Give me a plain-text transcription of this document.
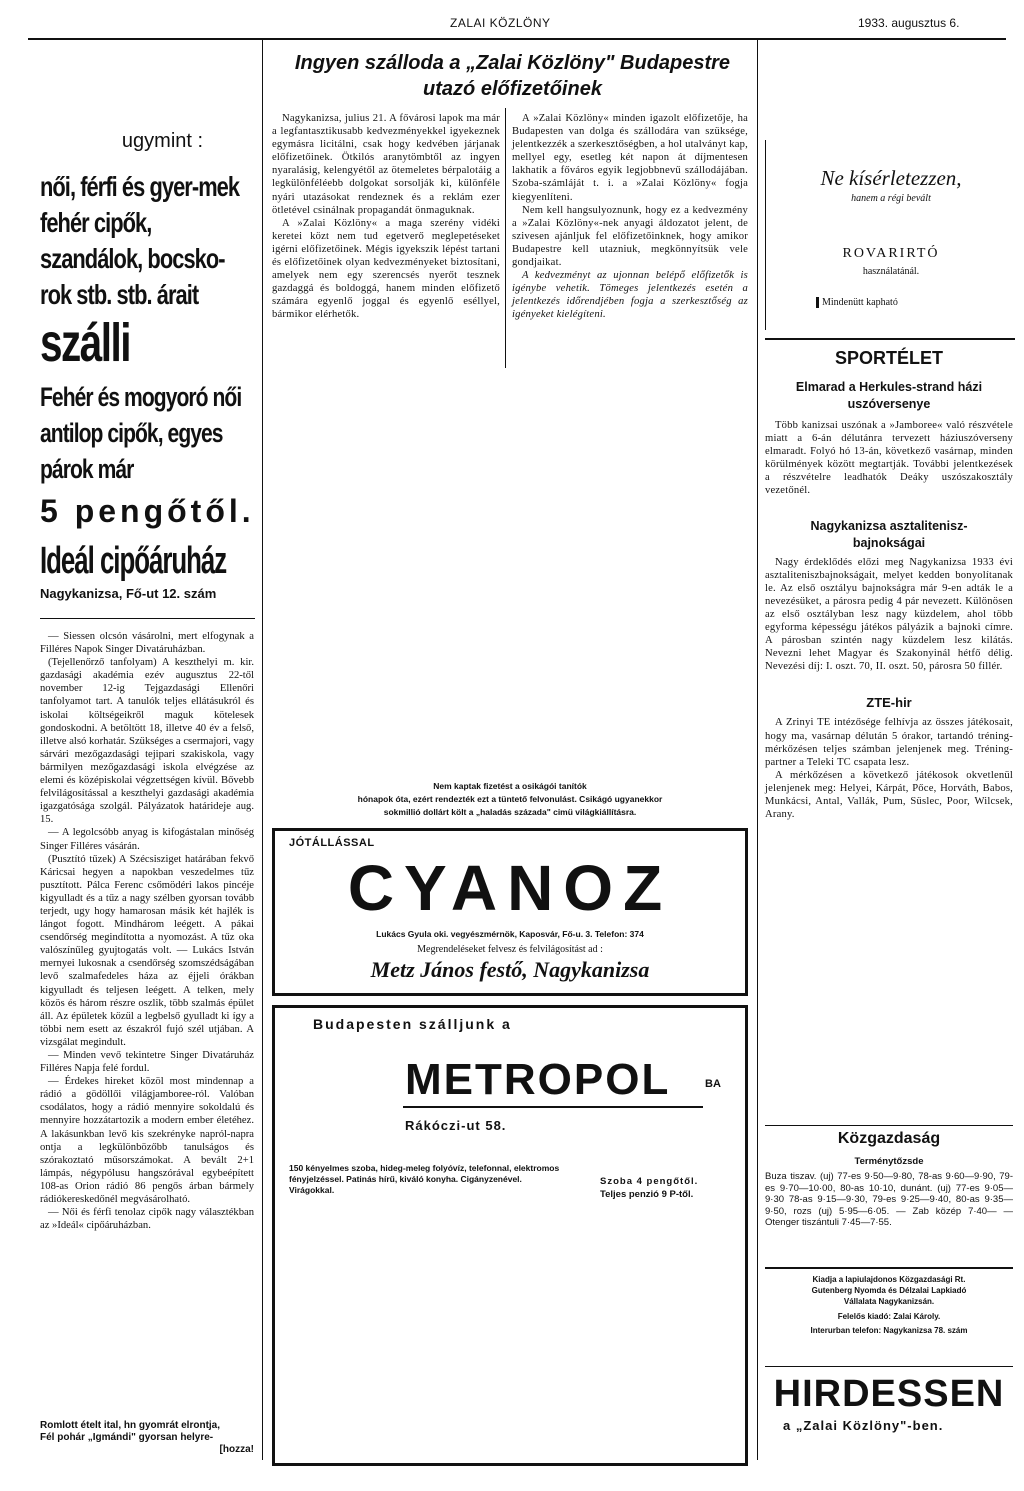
ZALAI KÖZLÖNY	1933. augusztus 6.
ugymint :
női, férfi és gyer-mek fehér cipők, szandálok, bocsko-rok stb. stb. árait
szálli
Fehér és mogyoró női antilop cipők, egyes párok már
5 pengőtől.
Ideál cipőáruház
Nagykanizsa, Fő-ut 12. szám

— Siessen olcsón vásárolni, mert elfogynak a Filléres Napok Singer Divatáruházban.

(Tejellenőrző tanfolyam) A keszthelyi m. kir. gazdasági akadémia ezév augusztus 22-től november 12-ig Tejgazdasági Ellenőri tanfolyamot tart. A tanulók teljes ellátásukról és iskolai költségeikről maguk kötelesek gondoskodni. A betöltött 18, illetve 40 év a felső, illetve alsó korhatár. Szükséges a csermajori, vagy sárvári mezőgazdasági tejipari szakiskola, vagy bármilyen mezőgazdasági iskola elvégzése az elemi és középiskolai végzettségen kívül. Bővebb felvilágosítással a keszthelyi gazdasági akadémia igazgatósága szolgál. Pályázatok határideje aug. 15.

— A legolcsóbb anyag is kifogástalan minőség Singer Filléres vásárán.

(Pusztító tűzek) A Szécsisziget határában fekvő Káricsai hegyen a napokban veszedelmes tűz pusztított. Pálca Ferenc csőmödéri lakos pincéje kigyulladt és a tűz a nagy szélben gyorsan tovább terjedt, ugy hogy hamarosan másik két hajlék is lángot fogott. Mindhárom leégett. A pákai csendőrség megindította a nyomozást. A tűz oka valószínűleg gyujtogatás volt. — Lukács István mernyei lukosnak a csendőrség szomszédságában levő szalmafedeles háza az éjjeli órákban kigyulladt és teljesen leégett. A telken, mely közös és három részre oszlik, több szalmás épület áll. Az épületek közül a legbelső gyulladt ki így a többi nem esett az északról fujó szél utjában. A vizsgálat megindult.

— Minden vevő tekintetre Singer Divatáruház Filléres Napja felé fordul.

— Érdekes hireket közöl most mindennap a rádió a gödöllői világjamboree-ról. Valóban csodálatos, hogy a rádió mennyire sokoldalú és mennyire hozzátartozik a modern ember életéhez. A lakásunkban levő kis szekrényke napról-napra ontja a legkülönbözőbb tanulságos és szórakoztató műsorszámokat. A bevált 2+1 lámpás, négypólusu hangszórával egybeépített 108-as Orion rádió 86 pengős árban bármely rádiókereskedőnél megvásárolható.

— Női és férfi tenolaz cipők nagy választékban az »Ideál« cipőáruházban.

Romlott ételt ital, hn gyomrát elrontja,
Fél pohár „Igmándi" gyorsan helyre-
[hozza!
Ingyen szálloda a „Zalai Közlöny" Budapestre utazó előfizetőinek

Nagykanizsa, julius 21. A fővárosi lapok ma már a legfantasztikusabb kedvezményekkel igyekeznek egymásra licitálni, csak hogy kedvében járjanak előfizetőinek. Ötkilós aranytömbtől az ingyen nyaralásig, kelengyétől az ötemeletes bérpalotáig a legkülönféléebb dolgokat sorsolják ki, különféle nyári utazásokat rendeznek és a reklám ezer ötletével csinálnak propagandát önmaguknak.

A »Zalai Közlöny« a maga szerény vidéki keretei közt nem tud egetverő meglepetéseket igérni előfizetőinek. Mégis igyekszik lépést tartani és előfizetőinek olyan kedvezményeket biztosítani, amelyek nem egy szerencsés nyerőt tesznek gazdaggá és boldoggá, hanem minden előfizető számára egyenlő joggal és egyenlő eséllyel, bármikor elérhetők.

A »Zalai Közlöny« minden igazolt előfizetője, ha Budapesten van dolga és szállodára van szüksége, jelentkezzék a szerkesztőségben, a hol utalványt kap, mellyel egy, esetleg két napon át díjmentesen lakhatik a főváros egyik legjobbnevű szállodájában. Szoba-számláját t. i. a »Zalai Közlöny« fogja kiegyenlíteni.

Nem kell hangsulyoznunk, hogy ez a kedvezmény a »Zalai Közlöny«-nek anyagi áldozatot jelent, de szivesen ajánljuk fel előfizetőinknek, hogy amikor Budapestre kell utazniuk, megkönnyítsük vele gondjaikat.

A kedvezményt az ujonnan belépő előfizetők is igénybe vehetik. Tömeges jelentkezés esetén a jelentkezés időrendjében fogja a szerkesztőség az igényeket kielégíteni.

Nem kaptak fizetést a osikágói tanítók
hónapok óta, ezért rendezték ezt a tüntető felvonulást. Csikágó ugyanekkor
sokmillió dollárt költ a „haladás százada" cimü világkiállításra.
JÓTÁLLÁSSAL
CYANOZ
Lukács Gyula oki. vegyészmérnök, Kaposvár, Fő-u. 3. Telefon: 374
Megrendeléseket felvesz és felvilágosítást ad :
Metz János festő, Nagykanizsa
Budapesten szálljunk a
METROPOL	BA
Rákóczi-ut 58.
150 kényelmes szoba, hideg-meleg folyóvíz, telefonnal, elektromos fényjelzéssel. Patinás hírű, kiváló konyha. Cigányzenével. Virágokkal.
Szoba 4 pengőtől.
Teljes penzió 9 P-től.
Ne kísérletezzen,
hanem a régi bevált
ROVARIRTÓ
használatánál.
Mindenütt kapható
SPORTÉLET
Elmarad a Herkules-strand házi uszóversenye

Több kanizsai uszónak a »Jamboree« való részvétele miatt a 6-án délutánra tervezett háziuszóverseny elmaradt. Folyó hó 13-án, következő vasárnap, minden körülmények között megtartják. További jelentkezések a részvételre leadhatók Deáky uszószakosztály vezetőnél.

Nagykanizsa asztalitenisz-bajnokságai

Nagy érdeklődés előzi meg Nagykanizsa 1933 évi asztaliteniszbajnokságait, melyet kedden bonyolítanak le. Az első osztályu bajnokságra már 9-en adták le a nevezésüket, a párosra pedig 4 pár nevezett. Különösen az első osztályban lesz nagy küzdelem, ahol több egyforma képességu játékos pályázik a bajnoki címre. A párosban szintén nagy küzdelem lesz kilátás. Nevezni lehet Magyar és Szakonyinál hétfő délig. Nevezési díj: I. oszt. 70, II. oszt. 50, párosra 50 fillér.

ZTE-hir

A Zrinyi TE intézősége felhívja az összes játékosait, hogy ma, vasárnap délután 5 órakor, tartandó tréning-mérkőzésen teljes számban jelenjenek meg. Tréning-partner a Teleki TC csapata lesz.

A mérkőzésen a következő játékosok okvetlenül jelenjenek meg: Helyei, Kárpát, Pőce, Horváth, Babos, Munkácsi, Antal, Vallák, Pum, Süslec, Poor, Wilcsek, Arany.

Közgazdaság
Terménytőzsde

Buza tiszav. (uj) 77-es 9·50—9·80, 78-as 9·60—9·90, 79-es 9·70—10·00, 80-as 10·10, dunánt. (uj) 77-es 9·05—9·30 78-as 9·15—9·30, 79-es 9·25—9·40, 80-as 9·35—9·50, rozs (uj) 5·95—6·05. — Zab közép 7·40— — Otenger tiszántuli 7·45—7·55.

Kiadja a lapiulajdonos Közgazdasági Rt.
Gutenberg Nyomda és Délzalai Lapkiadó
Vállalata Nagykanizsán.
Felelős kiadó: Zalai Károly.
Interurban telefon: Nagykanizsa 78. szám
HIRDESSEN
a „Zalai Közlöny"-ben.
